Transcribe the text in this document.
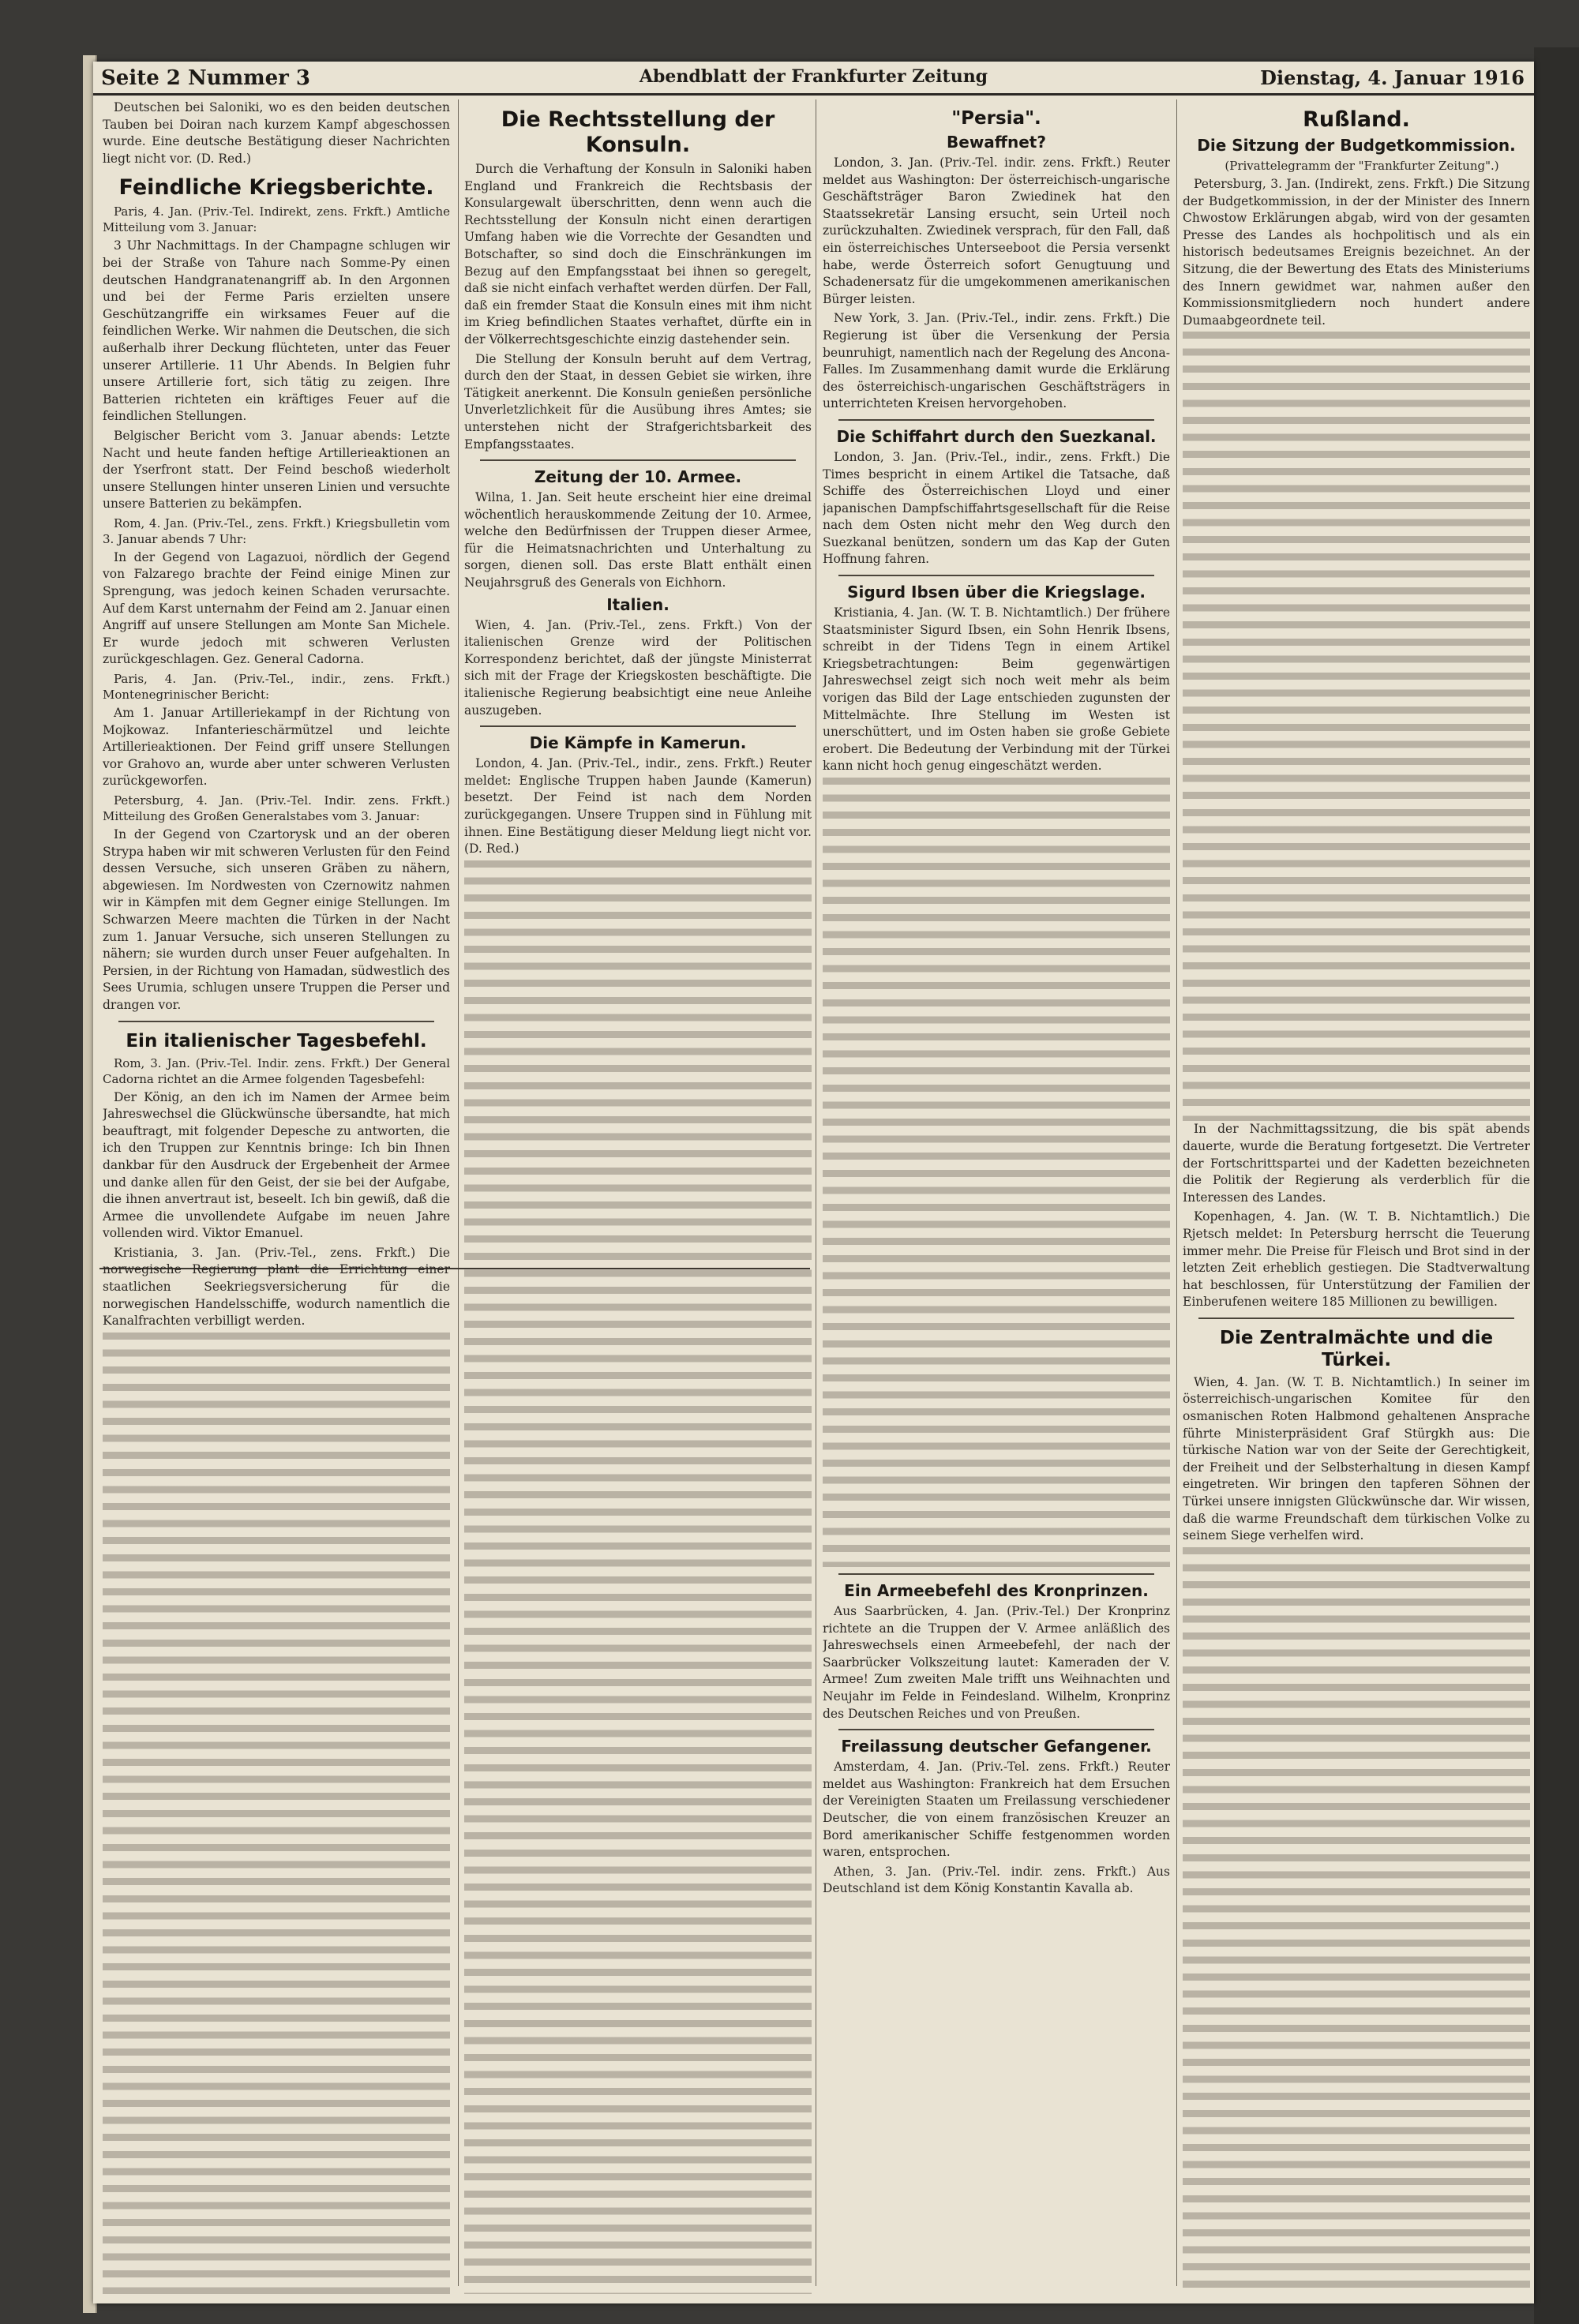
Seite 2 Nummer 3	Abendblatt der Frankfurter Zeitung	Dienstag, 4. Januar 1916

Deutschen bei Saloniki, wo es den beiden deutschen Tauben bei Doiran nach kurzem Kampf abgeschossen wurde. Eine deutsche Bestätigung dieser Nachrichten liegt nicht vor. (D. Red.)

Feindliche Kriegsberichte.

Paris, 4. Jan. (Priv.-Tel. Indirekt, zens. Frkft.) Amtliche Mitteilung vom 3. Januar:

3 Uhr Nachmittags. In der Champagne schlugen wir bei der Straße von Tahure nach Somme-Py einen deutschen Handgranatenangriff ab. In den Argonnen und bei der Ferme Paris erzielten unsere Geschützangriffe ein wirksames Feuer auf die feindlichen Werke. Wir nahmen die Deutschen, die sich außerhalb ihrer Deckung flüchteten, unter das Feuer unserer Artillerie. 11 Uhr Abends. In Belgien fuhr unsere Artillerie fort, sich tätig zu zeigen. Ihre Batterien richteten ein kräftiges Feuer auf die feindlichen Stellungen.

Belgischer Bericht vom 3. Januar abends: Letzte Nacht und heute fanden heftige Artillerieaktionen an der Yserfront statt. Der Feind beschoß wiederholt unsere Stellungen hinter unseren Linien und versuchte unsere Batterien zu bekämpfen.

Rom, 4. Jan. (Priv.-Tel., zens. Frkft.) Kriegsbulletin vom 3. Januar abends 7 Uhr:

In der Gegend von Lagazuoi, nördlich der Gegend von Falzarego brachte der Feind einige Minen zur Sprengung, was jedoch keinen Schaden verursachte. Auf dem Karst unternahm der Feind am 2. Januar einen Angriff auf unsere Stellungen am Monte San Michele. Er wurde jedoch mit schweren Verlusten zurückgeschlagen. Gez. General Cadorna.

Paris, 4. Jan. (Priv.-Tel., indir., zens. Frkft.) Montenegrinischer Bericht:

Am 1. Januar Artilleriekampf in der Richtung von Mojkowaz. Infanterieschärmützel und leichte Artillerieaktionen. Der Feind griff unsere Stellungen vor Grahovo an, wurde aber unter schweren Verlusten zurückgeworfen.

Petersburg, 4. Jan. (Priv.-Tel. Indir. zens. Frkft.) Mitteilung des Großen Generalstabes vom 3. Januar:

In der Gegend von Czartorysk und an der oberen Strypa haben wir mit schweren Verlusten für den Feind dessen Versuche, sich unseren Gräben zu nähern, abgewiesen. Im Nordwesten von Czernowitz nahmen wir in Kämpfen mit dem Gegner einige Stellungen. Im Schwarzen Meere machten die Türken in der Nacht zum 1. Januar Versuche, sich unseren Stellungen zu nähern; sie wurden durch unser Feuer aufgehalten. In Persien, in der Richtung von Hamadan, südwestlich des Sees Urumia, schlugen unsere Truppen die Perser und drangen vor.

Ein italienischer Tagesbefehl.

Rom, 3. Jan. (Priv.-Tel. Indir. zens. Frkft.) Der General Cadorna richtet an die Armee folgenden Tagesbefehl:

Der König, an den ich im Namen der Armee beim Jahreswechsel die Glückwünsche übersandte, hat mich beauftragt, mit folgender Depesche zu antworten, die ich den Truppen zur Kenntnis bringe: Ich bin Ihnen dankbar für den Ausdruck der Ergebenheit der Armee und danke allen für den Geist, der sie bei der Aufgabe, die ihnen anvertraut ist, beseelt. Ich bin gewiß, daß die Armee die unvollendete Aufgabe im neuen Jahre vollenden wird. Viktor Emanuel.

Kristiania, 3. Jan. (Priv.-Tel., zens. Frkft.) Die norwegische Regierung plant die Errichtung einer staatlichen Seekriegsversicherung für die norwegischen Handelsschiffe, wodurch namentlich die Kanalfrachten verbilligt werden.

Die Rechtsstellung der Konsuln.

Durch die Verhaftung der Konsuln in Saloniki haben England und Frankreich die Rechtsbasis der Konsulargewalt überschritten, denn wenn auch die Rechtsstellung der Konsuln nicht einen derartigen Umfang haben wie die Vorrechte der Gesandten und Botschafter, so sind doch die Einschränkungen im Bezug auf den Empfangsstaat bei ihnen so geregelt, daß sie nicht einfach verhaftet werden dürfen. Der Fall, daß ein fremder Staat die Konsuln eines mit ihm nicht im Krieg befindlichen Staates verhaftet, dürfte ein in der Völkerrechtsgeschichte einzig dastehender sein.

Die Stellung der Konsuln beruht auf dem Vertrag, durch den der Staat, in dessen Gebiet sie wirken, ihre Tätigkeit anerkennt. Die Konsuln genießen persönliche Unverletzlichkeit für die Ausübung ihres Amtes; sie unterstehen nicht der Strafgerichtsbarkeit des Empfangsstaates.

Zeitung der 10. Armee.

Wilna, 1. Jan. Seit heute erscheint hier eine dreimal wöchentlich herauskommende Zeitung der 10. Armee, welche den Bedürfnissen der Truppen dieser Armee, für die Heimatsnachrichten und Unterhaltung zu sorgen, dienen soll. Das erste Blatt enthält einen Neujahrsgruß des Generals von Eichhorn.

Italien.

Wien, 4. Jan. (Priv.-Tel., zens. Frkft.) Von der italienischen Grenze wird der Politischen Korrespondenz berichtet, daß der jüngste Ministerrat sich mit der Frage der Kriegskosten beschäftigte. Die italienische Regierung beabsichtigt eine neue Anleihe auszugeben.

Die Kämpfe in Kamerun.

London, 4. Jan. (Priv.-Tel., indir., zens. Frkft.) Reuter meldet: Englische Truppen haben Jaunde (Kamerun) besetzt. Der Feind ist nach dem Norden zurückgegangen. Unsere Truppen sind in Fühlung mit ihnen. Eine Bestätigung dieser Meldung liegt nicht vor. (D. Red.)

"Persia".
Bewaffnet?

London, 3. Jan. (Priv.-Tel. indir. zens. Frkft.) Reuter meldet aus Washington: Der österreichisch-ungarische Geschäftsträger Baron Zwiedinek hat den Staatssekretär Lansing ersucht, sein Urteil noch zurückzuhalten. Zwiedinek versprach, für den Fall, daß ein österreichisches Unterseeboot die Persia versenkt habe, werde Österreich sofort Genugtuung und Schadenersatz für die umgekommenen amerikanischen Bürger leisten.

New York, 3. Jan. (Priv.-Tel., indir. zens. Frkft.) Die Regierung ist über die Versenkung der Persia beunruhigt, namentlich nach der Regelung des Ancona-Falles. Im Zusammenhang damit wurde die Erklärung des österreichisch-ungarischen Geschäftsträgers in unterrichteten Kreisen hervorgehoben.

Die Schiffahrt durch den Suezkanal.

London, 3. Jan. (Priv.-Tel., indir., zens. Frkft.) Die Times bespricht in einem Artikel die Tatsache, daß Schiffe des Österreichischen Lloyd und einer japanischen Dampfschiffahrtsgesellschaft für die Reise nach dem Osten nicht mehr den Weg durch den Suezkanal benützen, sondern um das Kap der Guten Hoffnung fahren.

Sigurd Ibsen über die Kriegslage.

Kristiania, 4. Jan. (W. T. B. Nichtamtlich.) Der frühere Staatsminister Sigurd Ibsen, ein Sohn Henrik Ibsens, schreibt in der Tidens Tegn in einem Artikel Kriegsbetrachtungen: Beim gegenwärtigen Jahreswechsel zeigt sich noch weit mehr als beim vorigen das Bild der Lage entschieden zugunsten der Mittelmächte. Ihre Stellung im Westen ist unerschüttert, und im Osten haben sie große Gebiete erobert. Die Bedeutung der Verbindung mit der Türkei kann nicht hoch genug eingeschätzt werden.

Ein Armeebefehl des Kronprinzen.

Aus Saarbrücken, 4. Jan. (Priv.-Tel.) Der Kronprinz richtete an die Truppen der V. Armee anläßlich des Jahreswechsels einen Armeebefehl, der nach der Saarbrücker Volkszeitung lautet: Kameraden der V. Armee! Zum zweiten Male trifft uns Weihnachten und Neujahr im Felde in Feindesland. Wilhelm, Kronprinz des Deutschen Reiches und von Preußen.

Freilassung deutscher Gefangener.

Amsterdam, 4. Jan. (Priv.-Tel. zens. Frkft.) Reuter meldet aus Washington: Frankreich hat dem Ersuchen der Vereinigten Staaten um Freilassung verschiedener Deutscher, die von einem französischen Kreuzer an Bord amerikanischer Schiffe festgenommen worden waren, entsprochen.

Athen, 3. Jan. (Priv.-Tel. indir. zens. Frkft.) Aus Deutschland ist dem König Konstantin Kavalla ab.

Rußland.
Die Sitzung der Budgetkommission.

(Privattelegramm der "Frankfurter Zeitung".)

Petersburg, 3. Jan. (Indirekt, zens. Frkft.) Die Sitzung der Budgetkommission, in der der Minister des Innern Chwostow Erklärungen abgab, wird von der gesamten Presse des Landes als hochpolitisch und als ein historisch bedeutsames Ereignis bezeichnet. An der Sitzung, die der Bewertung des Etats des Ministeriums des Innern gewidmet war, nahmen außer den Kommissionsmitgliedern noch hundert andere Dumaabgeordnete teil.

In der Nachmittagssitzung, die bis spät abends dauerte, wurde die Beratung fortgesetzt. Die Vertreter der Fortschrittspartei und der Kadetten bezeichneten die Politik der Regierung als verderblich für die Interessen des Landes.

Kopenhagen, 4. Jan. (W. T. B. Nichtamtlich.) Die Rjetsch meldet: In Petersburg herrscht die Teuerung immer mehr. Die Preise für Fleisch und Brot sind in der letzten Zeit erheblich gestiegen. Die Stadtverwaltung hat beschlossen, für Unterstützung der Familien der Einberufenen weitere 185 Millionen zu bewilligen.

Die Zentralmächte und die Türkei.

Wien, 4. Jan. (W. T. B. Nichtamtlich.) In seiner im österreichisch-ungarischen Komitee für den osmanischen Roten Halbmond gehaltenen Ansprache führte Ministerpräsident Graf Stürgkh aus: Die türkische Nation war von der Seite der Gerechtigkeit, der Freiheit und der Selbsterhaltung in diesen Kampf eingetreten. Wir bringen den tapferen Söhnen der Türkei unsere innigsten Glückwünsche dar. Wir wissen, daß die warme Freundschaft dem türkischen Volke zu seinem Siege verhelfen wird.
